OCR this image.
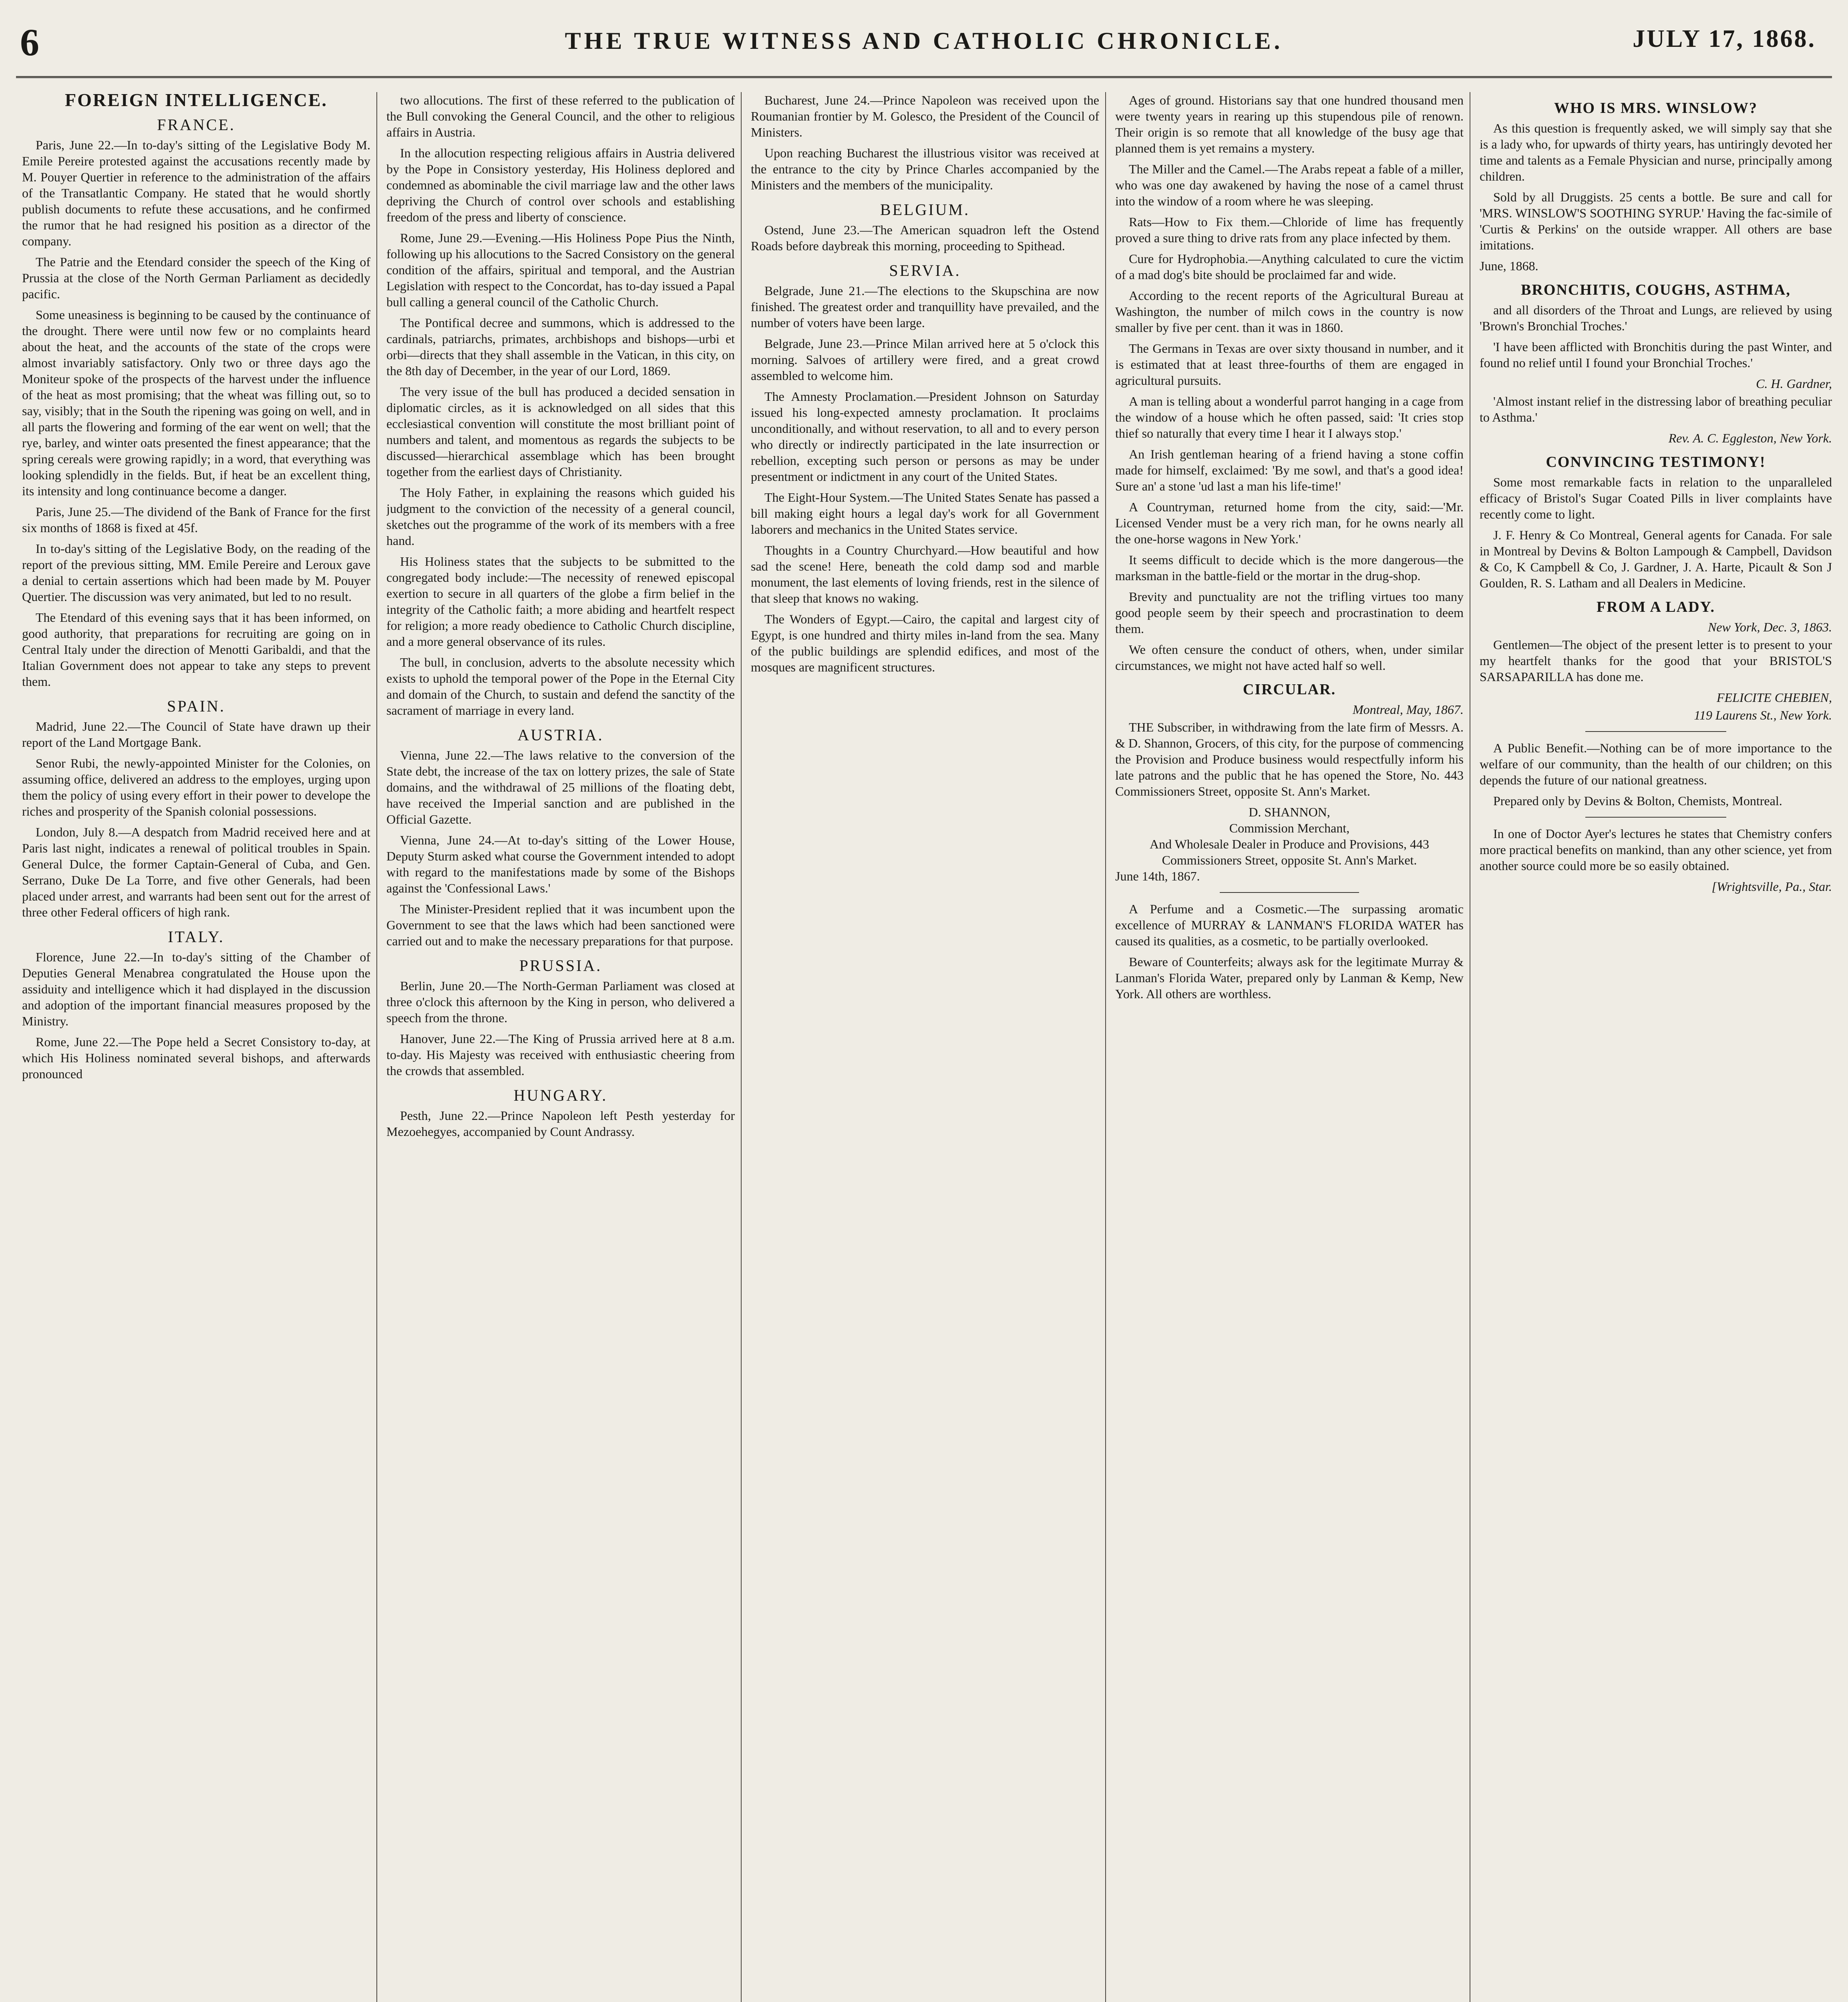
6	THE TRUE WITNESS AND CATHOLIC CHRONICLE.	JULY 17, 1868.
FOREIGN INTELLIGENCE.
FRANCE.

Paris, June 22.—In to-day's sitting of the Legislative Body M. Emile Pereire protested against the accusations recently made by M. Pouyer Quertier in reference to the administration of the affairs of the Transatlantic Company. He stated that he would shortly publish documents to refute these accusations, and he confirmed the rumor that he had resigned his position as a director of the company.

The Patrie and the Etendard consider the speech of the King of Prussia at the close of the North German Parliament as decidedly pacific.

Some uneasiness is beginning to be caused by the continuance of the drought. There were until now few or no complaints heard about the heat, and the accounts of the state of the crops were almost invariably satisfactory. Only two or three days ago the Moniteur spoke of the prospects of the harvest under the influence of the heat as most promising; that the wheat was filling out, so to say, visibly; that in the South the ripening was going on well, and in all parts the flowering and forming of the ear went on well; that the rye, barley, and winter oats presented the finest appearance; that the spring cereals were growing rapidly; in a word, that everything was looking splendidly in the fields. But, if heat be an excellent thing, its intensity and long continuance become a danger.

Paris, June 25.—The dividend of the Bank of France for the first six months of 1868 is fixed at 45f.

In to-day's sitting of the Legislative Body, on the reading of the report of the previous sitting, MM. Emile Pereire and Leroux gave a denial to certain assertions which had been made by M. Pouyer Quertier. The discussion was very animated, but led to no result.

The Etendard of this evening says that it has been informed, on good authority, that preparations for recruiting are going on in Central Italy under the direction of Menotti Garibaldi, and that the Italian Government does not appear to take any steps to prevent them.

SPAIN.

Madrid, June 22.—The Council of State have drawn up their report of the Land Mortgage Bank.

Senor Rubi, the newly-appointed Minister for the Colonies, on assuming office, delivered an address to the employes, urging upon them the policy of using every effort in their power to develope the riches and prosperity of the Spanish colonial possessions.

London, July 8.—A despatch from Madrid received here and at Paris last night, indicates a renewal of political troubles in Spain. General Dulce, the former Captain-General of Cuba, and Gen. Serrano, Duke De La Torre, and five other Generals, had been placed under arrest, and warrants had been sent out for the arrest of three other Federal officers of high rank.

ITALY.

Florence, June 22.—In to-day's sitting of the Chamber of Deputies General Menabrea congratulated the House upon the assiduity and intelligence which it had displayed in the discussion and adoption of the important financial measures proposed by the Ministry.

Rome, June 22.—The Pope held a Secret Consistory to-day, at which His Holiness nominated several bishops, and afterwards pronounced

two allocutions. The first of these referred to the publication of the Bull convoking the General Council, and the other to religious affairs in Austria.

In the allocution respecting religious affairs in Austria delivered by the Pope in Consistory yesterday, His Holiness deplored and condemned as abominable the civil marriage law and the other laws depriving the Church of control over schools and establishing freedom of the press and liberty of conscience.

Rome, June 29.—Evening.—His Holiness Pope Pius the Ninth, following up his allocutions to the Sacred Consistory on the general condition of the affairs, spiritual and temporal, and the Austrian Legislation with respect to the Concordat, has to-day issued a Papal bull calling a general council of the Catholic Church.

The Pontifical decree and summons, which is addressed to the cardinals, patriarchs, primates, archbishops and bishops—urbi et orbi—directs that they shall assemble in the Vatican, in this city, on the 8th day of December, in the year of our Lord, 1869.

The very issue of the bull has produced a decided sensation in diplomatic circles, as it is acknowledged on all sides that this ecclesiastical convention will constitute the most brilliant point of numbers and talent, and momentous as regards the subjects to be discussed—hierarchical assemblage which has been brought together from the earliest days of Christianity.

The Holy Father, in explaining the reasons which guided his judgment to the conviction of the necessity of a general council, sketches out the programme of the work of its members with a free hand.

His Holiness states that the subjects to be submitted to the congregated body include:—The necessity of renewed episcopal exertion to secure in all quarters of the globe a firm belief in the integrity of the Catholic faith; a more abiding and heartfelt respect for religion; a more ready obedience to Catholic Church discipline, and a more general observance of its rules.

The bull, in conclusion, adverts to the absolute necessity which exists to uphold the temporal power of the Pope in the Eternal City and domain of the Church, to sustain and defend the sanctity of the sacrament of marriage in every land.

AUSTRIA.

Vienna, June 22.—The laws relative to the conversion of the State debt, the increase of the tax on lottery prizes, the sale of State domains, and the withdrawal of 25 millions of the floating debt, have received the Imperial sanction and are published in the Official Gazette.

Vienna, June 24.—At to-day's sitting of the Lower House, Deputy Sturm asked what course the Government intended to adopt with regard to the manifestations made by some of the Bishops against the 'Confessional Laws.'

The Minister-President replied that it was incumbent upon the Government to see that the laws which had been sanctioned were carried out and to make the necessary preparations for that purpose.

PRUSSIA.

Berlin, June 20.—The North-German Parliament was closed at three o'clock this afternoon by the King in person, who delivered a speech from the throne.

Hanover, June 22.—The King of Prussia arrived here at 8 a.m. to-day. His Majesty was received with enthusiastic cheering from the crowds that assembled.

HUNGARY.

Pesth, June 22.—Prince Napoleon left Pesth yesterday for Mezoehegyes, accompanied by Count Andrassy.

Bucharest, June 24.—Prince Napoleon was received upon the Roumanian frontier by M. Golesco, the President of the Council of Ministers.

Upon reaching Bucharest the illustrious visitor was received at the entrance to the city by Prince Charles accompanied by the Ministers and the members of the municipality.

BELGIUM.

Ostend, June 23.—The American squadron left the Ostend Roads before daybreak this morning, proceeding to Spithead.

SERVIA.

Belgrade, June 21.—The elections to the Skupschina are now finished. The greatest order and tranquillity have prevailed, and the number of voters have been large.

Belgrade, June 23.—Prince Milan arrived here at 5 o'clock this morning. Salvoes of artillery were fired, and a great crowd assembled to welcome him.

The Amnesty Proclamation.—President Johnson on Saturday issued his long-expected amnesty proclamation. It proclaims unconditionally, and without reservation, to all and to every person who directly or indirectly participated in the late insurrection or rebellion, excepting such person or persons as may be under presentment or indictment in any court of the United States.

The Eight-Hour System.—The United States Senate has passed a bill making eight hours a legal day's work for all Government laborers and mechanics in the United States service.

Thoughts in a Country Churchyard.—How beautiful and how sad the scene! Here, beneath the cold damp sod and marble monument, the last elements of loving friends, rest in the silence of that sleep that knows no waking.

The Wonders of Egypt.—Cairo, the capital and largest city of Egypt, is one hundred and thirty miles in-land from the sea. Many of the public buildings are splendid edifices, and most of the mosques are magnificent structures.

Ages of ground. Historians say that one hundred thousand men were twenty years in rearing up this stupendous pile of renown. Their origin is so remote that all knowledge of the busy age that planned them is yet remains a mystery.

The Miller and the Camel.—The Arabs repeat a fable of a miller, who was one day awakened by having the nose of a camel thrust into the window of a room where he was sleeping.

Rats—How to Fix them.—Chloride of lime has frequently proved a sure thing to drive rats from any place infected by them.

Cure for Hydrophobia.—Anything calculated to cure the victim of a mad dog's bite should be proclaimed far and wide.

According to the recent reports of the Agricultural Bureau at Washington, the number of milch cows in the country is now smaller by five per cent. than it was in 1860.

The Germans in Texas are over sixty thousand in number, and it is estimated that at least three-fourths of them are engaged in agricultural pursuits.

A man is telling about a wonderful parrot hanging in a cage from the window of a house which he often passed, said: 'It cries stop thief so naturally that every time I hear it I always stop.'

An Irish gentleman hearing of a friend having a stone coffin made for himself, exclaimed: 'By me sowl, and that's a good idea! Sure an' a stone 'ud last a man his life-time!'

A Countryman, returned home from the city, said:—'Mr. Licensed Vender must be a very rich man, for he owns nearly all the one-horse wagons in New York.'

It seems difficult to decide which is the more dangerous—the marksman in the battle-field or the mortar in the drug-shop.

Brevity and punctuality are not the trifling virtues too many good people seem by their speech and procrastination to deem them.

We often censure the conduct of others, when, under similar circumstances, we might not have acted half so well.

CIRCULAR.
Montreal, May, 1867.

THE Subscriber, in withdrawing from the late firm of Messrs. A. & D. Shannon, Grocers, of this city, for the purpose of commencing the Provision and Produce business would respectfully inform his late patrons and the public that he has opened the Store, No. 443 Commissioners Street, opposite St. Ann's Market.

D. SHANNON,
Commission Merchant,
And Wholesale Dealer in Produce and Provisions, 443 Commissioners Street, opposite St. Ann's Market.
June 14th, 1867.

A Perfume and a Cosmetic.—The surpassing aromatic excellence of MURRAY & LANMAN'S FLORIDA WATER has caused its qualities, as a cosmetic, to be partially overlooked.

Beware of Counterfeits; always ask for the legitimate Murray & Lanman's Florida Water, prepared only by Lanman & Kemp, New York. All others are worthless.

WHO IS MRS. WINSLOW?

As this question is frequently asked, we will simply say that she is a lady who, for upwards of thirty years, has untiringly devoted her time and talents as a Female Physician and nurse, principally among children.

Sold by all Druggists. 25 cents a bottle. Be sure and call for 'MRS. WINSLOW'S SOOTHING SYRUP.' Having the fac-simile of 'Curtis & Perkins' on the outside wrapper. All others are base imitations.

June, 1868.
BRONCHITIS, COUGHS, ASTHMA,

and all disorders of the Throat and Lungs, are relieved by using 'Brown's Bronchial Troches.'

'I have been afflicted with Bronchitis during the past Winter, and found no relief until I found your Bronchial Troches.'

C. H. Gardner,

'Almost instant relief in the distressing labor of breathing peculiar to Asthma.'

Rev. A. C. Eggleston, New York.
CONVINCING TESTIMONY!

Some most remarkable facts in relation to the unparalleled efficacy of Bristol's Sugar Coated Pills in liver complaints have recently come to light.

J. F. Henry & Co Montreal, General agents for Canada. For sale in Montreal by Devins & Bolton Lampough & Campbell, Davidson & Co, K Campbell & Co, J. Gardner, J. A. Harte, Picault & Son J Goulden, R. S. Latham and all Dealers in Medicine.

FROM A LADY.
New York, Dec. 3, 1863.

Gentlemen—The object of the present letter is to present to your my heartfelt thanks for the good that your BRISTOL'S SARSAPARILLA has done me.

FELICITE CHEBIEN,
119 Laurens St., New York.

A Public Benefit.—Nothing can be of more importance to the welfare of our community, than the health of our children; on this depends the future of our national greatness.

Prepared only by Devins & Bolton, Chemists, Montreal.

In one of Doctor Ayer's lectures he states that Chemistry confers more practical benefits on mankind, than any other science, yet from another source could more be so easily obtained.

[Wrightsville, Pa., Star.
